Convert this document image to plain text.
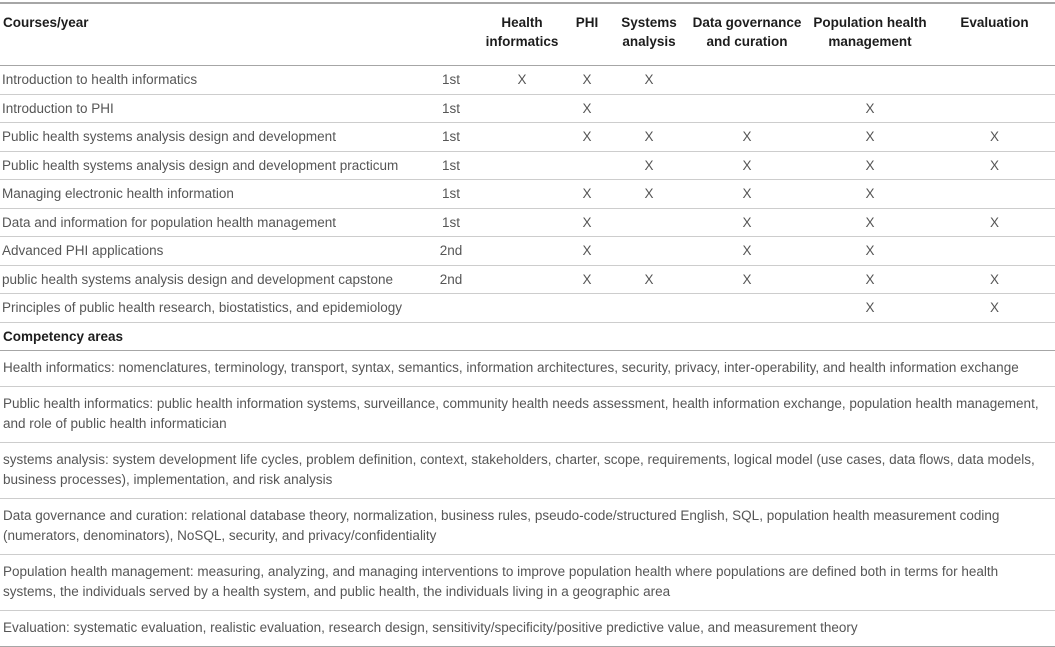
Courses/year		Health informatics	PHI	Systems analysis	Data governance and curation	Population health management	Evaluation
Introduction to health informatics	1st	X	X	X			
Introduction to PHI	1st		X			X	
Public health systems analysis design and development	1st		X	X	X	X	X
Public health systems analysis design and development practicum	1st			X	X	X	X
Managing electronic health information	1st		X	X	X	X	
Data and information for population health management	1st		X		X	X	X
Advanced PHI applications	2nd		X		X	X	
public health systems analysis design and development capstone	2nd		X	X	X	X	X
Principles of public health research, biostatistics, and epidemiology						X	X
Competency areas							
Health informatics: nomenclatures, terminology, transport, syntax, semantics, information architectures, security, privacy, inter-operability, and health information exchange							
Public health informatics: public health information systems, surveillance, community health needs assessment, health information exchange, population health management, and role of public health informatician							
systems analysis: system development life cycles, problem definition, context, stakeholders, charter, scope, requirements, logical model (use cases, data flows, data models, business processes), implementation, and risk analysis							
Data governance and curation: relational database theory, normalization, business rules, pseudo-code/structured English, SQL, population health measurement coding (numerators, denominators), NoSQL, security, and privacy/confidentiality							
Population health management: measuring, analyzing, and managing interventions to improve population health where populations are defined both in terms for health systems, the individuals served by a health system, and public health, the individuals living in a geographic area							
Evaluation: systematic evaluation, realistic evaluation, research design, sensitivity/specificity/positive predictive value, and measurement theory							
